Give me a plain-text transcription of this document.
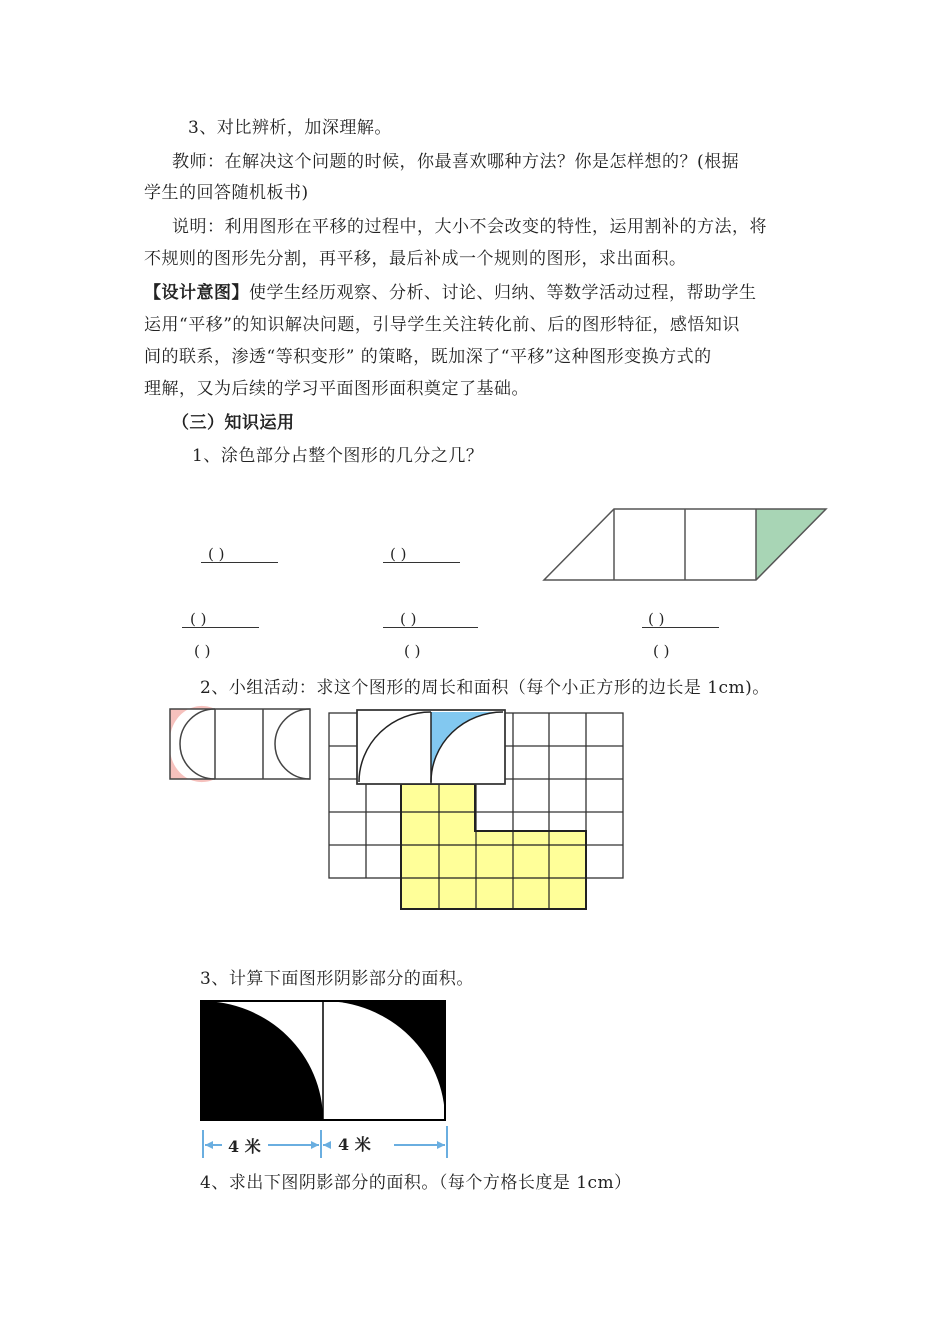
3、对比辨析，加深理解。
教师：在解决这个问题的时候，你最喜欢哪种方法？你是怎样想的？(根据
学生的回答随机板书)
说明：利用图形在平移的过程中，大小不会改变的特性，运用割补的方法，将
不规则的图形先分割，再平移，最后补成一个规则的图形，求出面积。
【设计意图】使学生经历观察、分析、讨论、归纳、等数学活动过程，帮助学生
运用“平移”的知识解决问题，引导学生关注转化前、后的图形特征，感悟知识
间的联系，渗透“等积变形” 的策略，既加深了“平移”这种图形变换方式的
理解，又为后续的学习平面图形面积奠定了基础。
（三）知识运用
1、涂色部分占整个图形的几分之几？
( )	( )
( )	( )	( )
( )	( )	( )
2、小组活动：求这个图形的周长和面积（每个小正方形的边长是 1cm)。
3、计算下面图形阴影部分的面积。
4 米	4 米
4、求出下图阴影部分的面积。（每个方格长度是 1cm）
